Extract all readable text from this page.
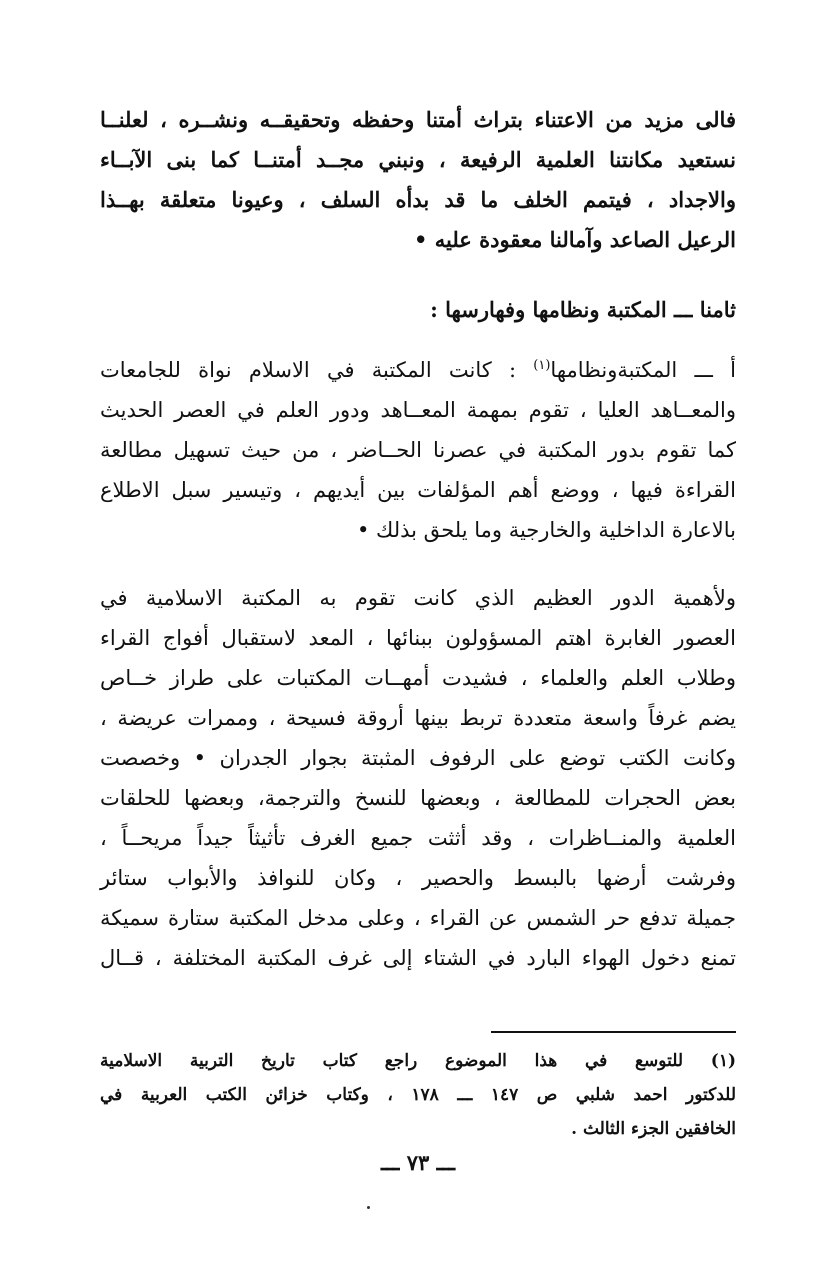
فالى مزيد من الاعتناء بتراث أمتنا وحفظه وتحقيقــه ونشــره ، لعلنــا
نستعيد مكانتنا العلمية الرفيعة ، ونبني مجــد أمتنــا كما بنى الآبــاء
والاجداد ، فيتمم الخلف ما قد بدأه السلف ، وعيونا متعلقة بهــذا
الرعيل الصاعد وآمالنا معقودة عليه •
ثامنا ـــ المكتبة ونظامها وفهارسها :
أ ـــ المكتبةونظامها$^{(١)}$ : كانت المكتبة في الاسلام نواة للجامعات
والمعــاهد العليا ، تقوم بمهمة المعــاهد ودور العلم في العصر الحديث
كما تقوم بدور المكتبة في عصرنا الحــاضر ، من حيث تسهيل مطالعة
القراءة فيها ، ووضع أهم المؤلفات بين أيديهم ، وتيسير سبل الاطلاع
بالاعارة الداخلية والخارجية وما يلحق بذلك •
ولأهمية الدور العظيم الذي كانت تقوم به المكتبة الاسلامية في
العصور الغابرة اهتم المسؤولون ببنائها ، المعد لاستقبال أفواج القراء
وطلاب العلم والعلماء ، فشيدت أمهــات المكتبات على طراز خــاص
يضم غرفاً واسعة متعددة تربط بينها أروقة فسيحة ، وممرات عريضة ،
وكانت الكتب توضع على الرفوف المثبتة بجوار الجدران • وخصصت
بعض الحجرات للمطالعة ، وبعضها للنسخ والترجمة، وبعضها للحلقات
العلمية والمنــاظرات ، وقد أثثت جميع الغرف تأثيثاً جيداً مريحــاً ،
وفرشت أرضها بالبسط والحصير ، وكان للنوافذ والأبواب ستائر
جميلة تدفع حر الشمس عن القراء ، وعلى مدخل المكتبة ستارة سميكة
تمنع دخول الهواء البارد في الشتاء إلى غرف المكتبة المختلفة ، قــال
(١) للتوسع في هذا الموضوع راجع كتاب تاريخ التربية الاسلامية
للدكتور احمد شلبي ص ١٤٧ ـــ ١٧٨ ، وكتاب خزائن الكتب العربية في
الخافقين الجزء الثالث .
ـــ ٧٣ ـــ
